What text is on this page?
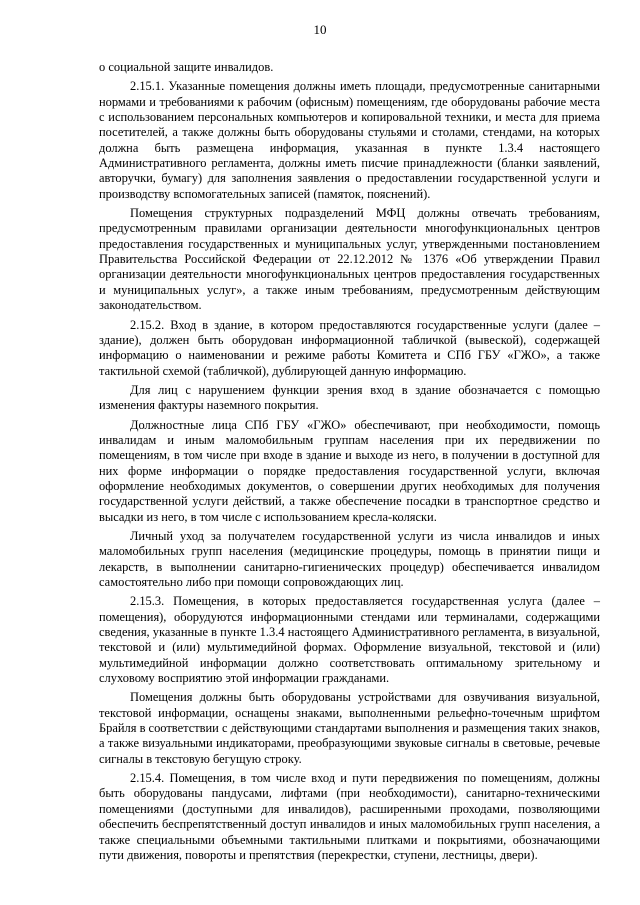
10

о социальной защите инвалидов.

2.15.1. Указанные помещения должны иметь площади, предусмотренные санитарными нормами и требованиями к рабочим (офисным) помещениям, где оборудованы рабочие места с использованием персональных компьютеров и копировальной техники, и места для приема посетителей, а также должны быть оборудованы стульями и столами, стендами, на которых должна быть размещена информация, указанная в пункте 1.3.4 настоящего Административного регламента, должны иметь писчие принадлежности (бланки заявлений, авторучки, бумагу) для заполнения заявления о предоставлении государственной услуги и производству вспомогательных записей (памяток, пояснений).

Помещения структурных подразделений МФЦ должны отвечать требованиям, предусмотренным правилами организации деятельности многофункциональных центров предоставления государственных и муниципальных услуг, утвержденными постановлением Правительства Российской Федерации от 22.12.2012 № 1376 «Об утверждении Правил организации деятельности многофункциональных центров предоставления государственных и муниципальных услуг», а также иным требованиям, предусмотренным действующим законодательством.

2.15.2. Вход в здание, в котором предоставляются государственные услуги (далее – здание), должен быть оборудован информационной табличкой (вывеской), содержащей информацию о наименовании и режиме работы Комитета и СПб ГБУ «ГЖО», а также тактильной схемой (табличкой), дублирующей данную информацию.

Для лиц с нарушением функции зрения вход в здание обозначается с помощью изменения фактуры наземного покрытия.

Должностные лица СПб ГБУ «ГЖО» обеспечивают, при необходимости, помощь инвалидам и иным маломобильным группам населения при их передвижении по помещениям, в том числе при входе в здание и выходе из него, в получении в доступной для них форме информации о порядке предоставления государственной услуги, включая оформление необходимых документов, о совершении других необходимых для получения государственной услуги действий, а также обеспечение посадки в транспортное средство и высадки из него, в том числе с использованием кресла-коляски.

Личный уход за получателем государственной услуги из числа инвалидов и иных маломобильных групп населения (медицинские процедуры, помощь в принятии пищи и лекарств, в выполнении санитарно-гигиенических процедур) обеспечивается инвалидом самостоятельно либо при помощи сопровождающих лиц.

2.15.3. Помещения, в которых предоставляется государственная услуга (далее – помещения), оборудуются информационными стендами или терминалами, содержащими сведения, указанные в пункте 1.3.4 настоящего Административного регламента, в визуальной, текстовой и (или) мультимедийной формах. Оформление визуальной, текстовой и (или) мультимедийной информации должно соответствовать оптимальному зрительному и слуховому восприятию этой информации гражданами.

Помещения должны быть оборудованы устройствами для озвучивания визуальной, текстовой информации, оснащены знаками, выполненными рельефно-точечным шрифтом Брайля в соответствии с действующими стандартами выполнения и размещения таких знаков, а также визуальными индикаторами, преобразующими звуковые сигналы в световые, речевые сигналы в текстовую бегущую строку.

2.15.4. Помещения, в том числе вход и пути передвижения по помещениям, должны быть оборудованы пандусами, лифтами (при необходимости), санитарно-техническими помещениями (доступными для инвалидов), расширенными проходами, позволяющими обеспечить беспрепятственный доступ инвалидов и иных маломобильных групп населения, а также специальными объемными тактильными плитками и покрытиями, обозначающими пути движения, повороты и препятствия (перекрестки, ступени, лестницы, двери).
